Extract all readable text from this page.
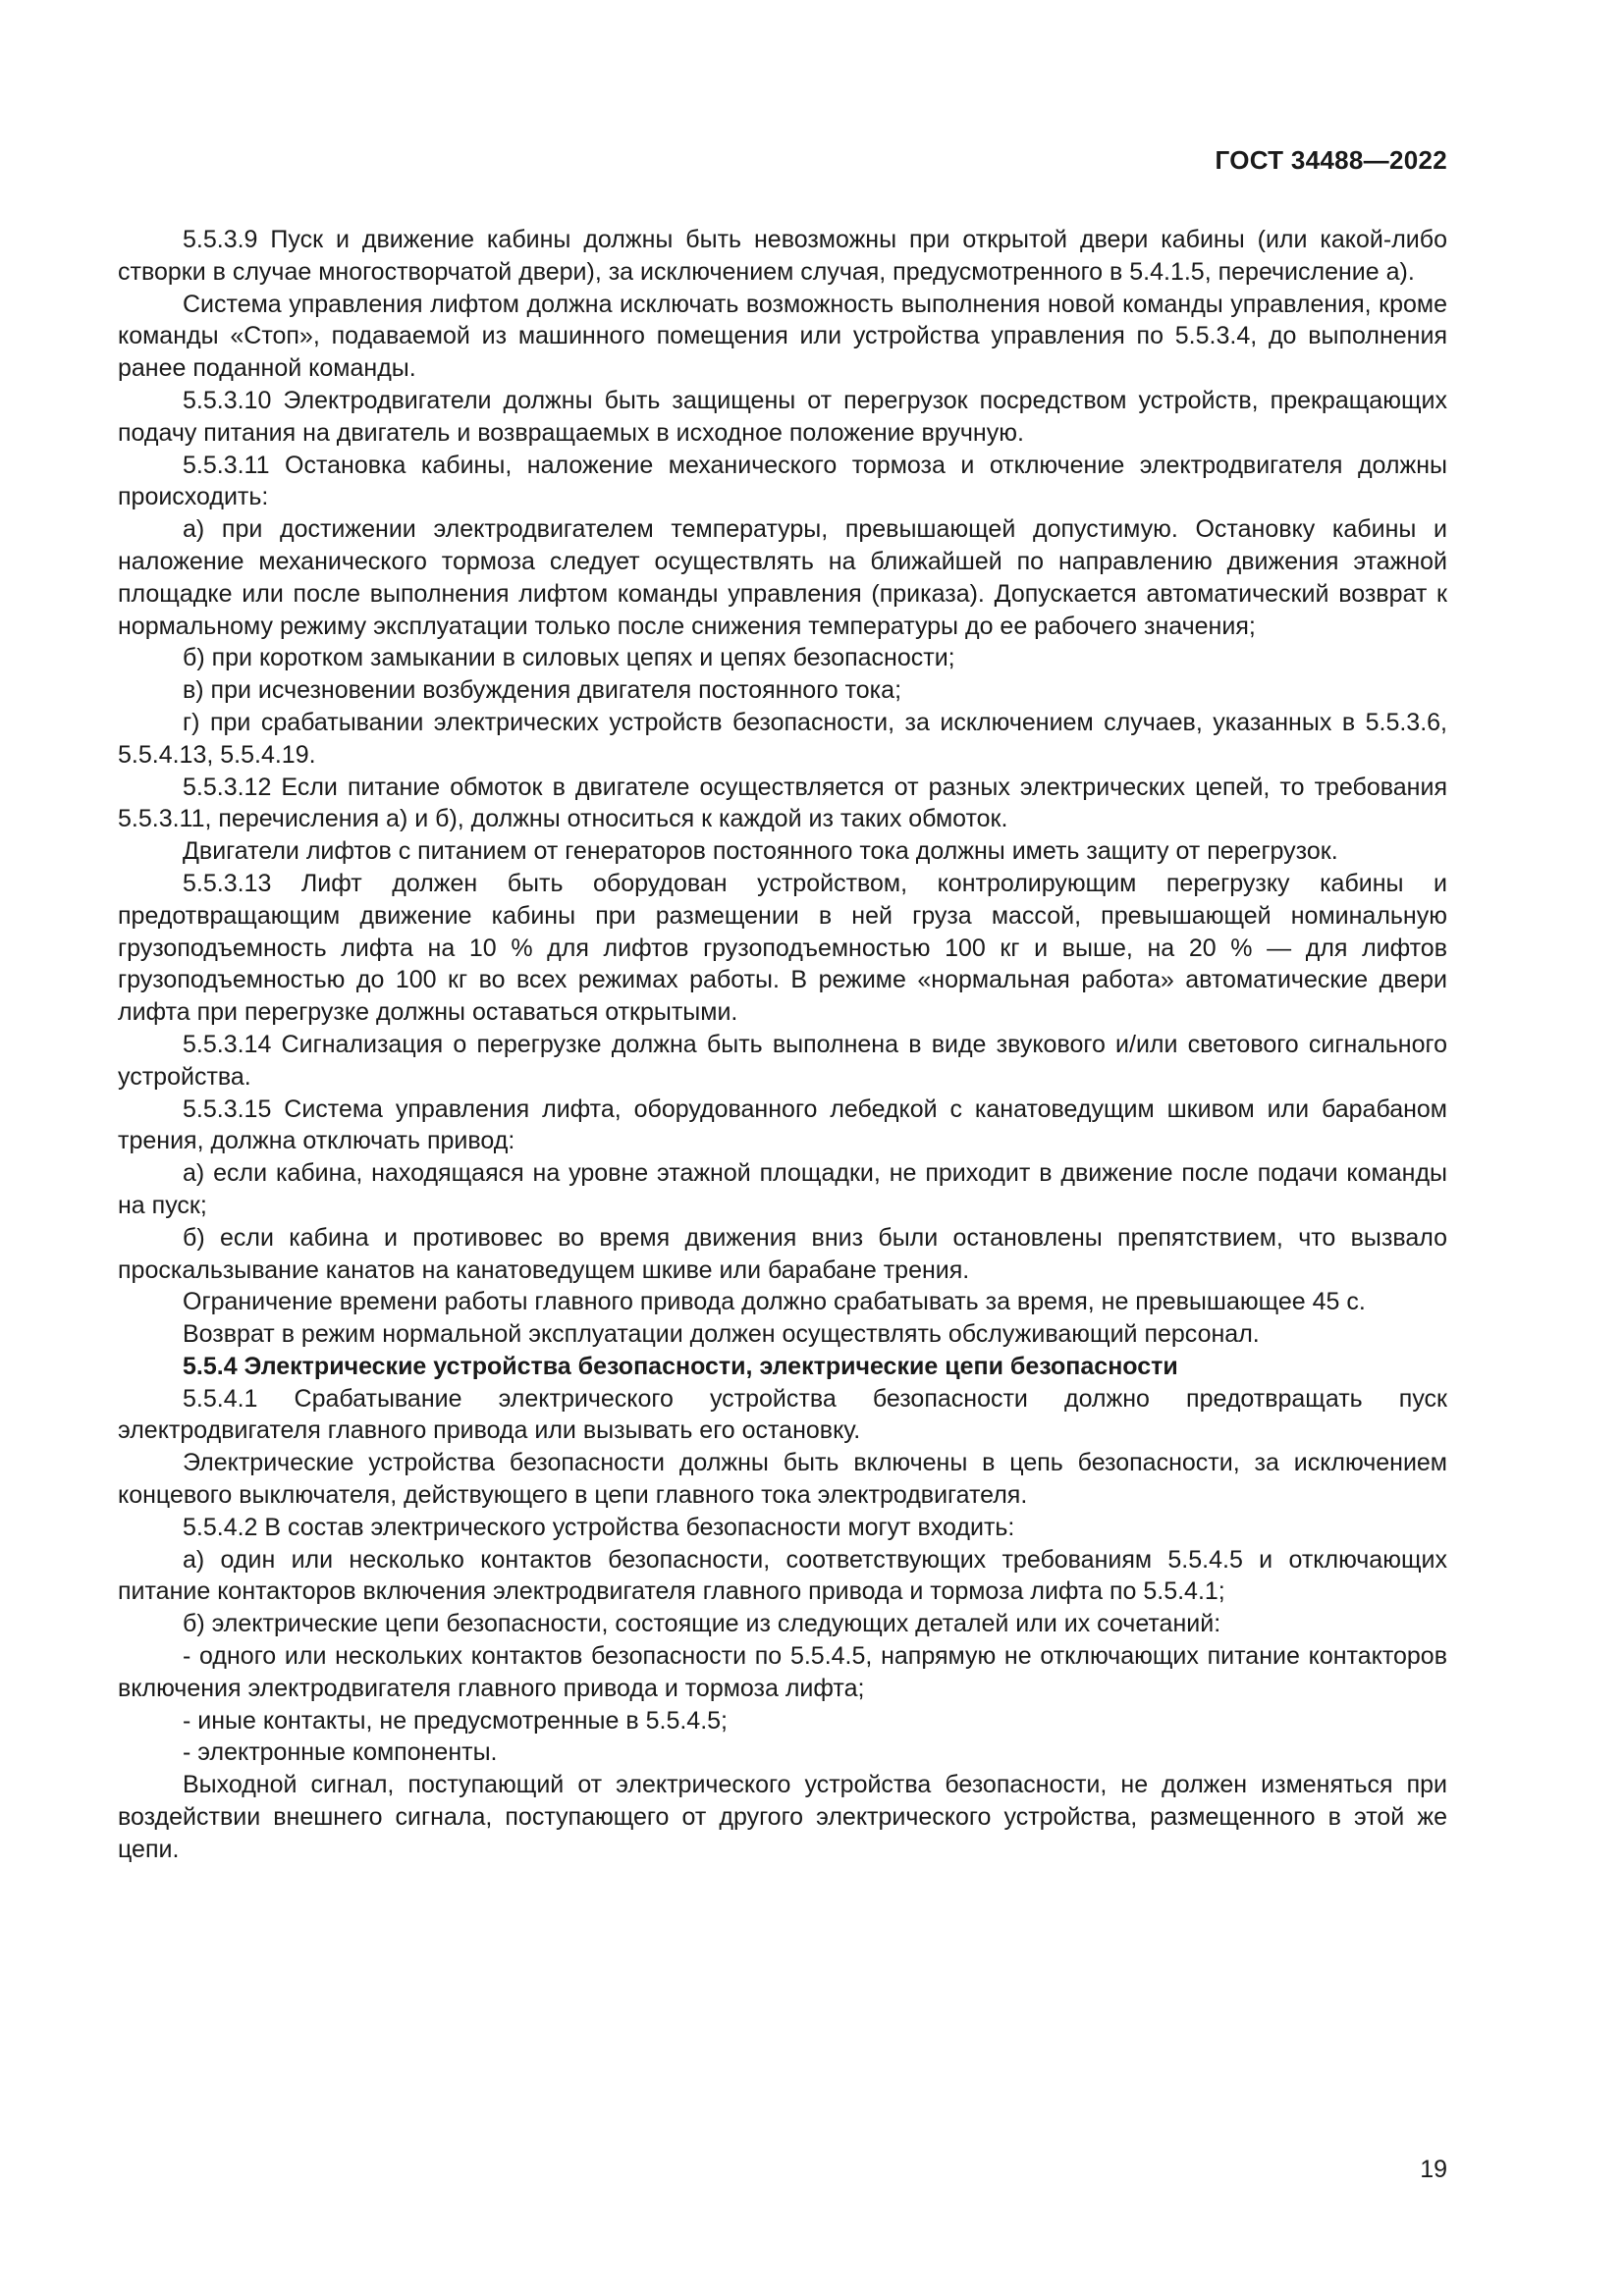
ГОСТ 34488—2022

5.5.3.9 Пуск и движение кабины должны быть невозможны при открытой двери кабины (или какой-либо створки в случае многостворчатой двери), за исключением случая, предусмотренного в 5.4.1.5, перечисление а).

Система управления лифтом должна исключать возможность выполнения новой команды управления, кроме команды «Стоп», подаваемой из машинного помещения или устройства управления по 5.5.3.4, до выполнения ранее поданной команды.

5.5.3.10 Электродвигатели должны быть защищены от перегрузок посредством устройств, прекращающих подачу питания на двигатель и возвращаемых в исходное положение вручную.

5.5.3.11 Остановка кабины, наложение механического тормоза и отключение электродвигателя должны происходить:

а) при достижении электродвигателем температуры, превышающей допустимую. Остановку кабины и наложение механического тормоза следует осуществлять на ближайшей по направлению движения этажной площадке или после выполнения лифтом команды управления (приказа). Допускается автоматический возврат к нормальному режиму эксплуатации только после снижения температуры до ее рабочего значения;

б) при коротком замыкании в силовых цепях и цепях безопасности;

в) при исчезновении возбуждения двигателя постоянного тока;

г) при срабатывании электрических устройств безопасности, за исключением случаев, указанных в 5.5.3.6, 5.5.4.13, 5.5.4.19.

5.5.3.12 Если питание обмоток в двигателе осуществляется от разных электрических цепей, то требования 5.5.3.11, перечисления а) и б), должны относиться к каждой из таких обмоток.

Двигатели лифтов с питанием от генераторов постоянного тока должны иметь защиту от перегрузок.

5.5.3.13 Лифт должен быть оборудован устройством, контролирующим перегрузку кабины и предотвращающим движение кабины при размещении в ней груза массой, превышающей номинальную грузоподъемность лифта на 10 % для лифтов грузоподъемностью 100 кг и выше, на 20 % — для лифтов грузоподъемностью до 100 кг во всех режимах работы. В режиме «нормальная работа» автоматические двери лифта при перегрузке должны оставаться открытыми.

5.5.3.14 Сигнализация о перегрузке должна быть выполнена в виде звукового и/или светового сигнального устройства.

5.5.3.15 Система управления лифта, оборудованного лебедкой с канатоведущим шкивом или барабаном трения, должна отключать привод:

а) если кабина, находящаяся на уровне этажной площадки, не приходит в движение после подачи команды на пуск;

б) если кабина и противовес во время движения вниз были остановлены препятствием, что вызвало проскальзывание канатов на канатоведущем шкиве или барабане трения.

Ограничение времени работы главного привода должно срабатывать за время, не превышающее 45 с.

Возврат в режим нормальной эксплуатации должен осуществлять обслуживающий персонал.

5.5.4 Электрические устройства безопасности, электрические цепи безопасности

5.5.4.1 Срабатывание электрического устройства безопасности должно предотвращать пуск электродвигателя главного привода или вызывать его остановку.

Электрические устройства безопасности должны быть включены в цепь безопасности, за исключением концевого выключателя, действующего в цепи главного тока электродвигателя.

5.5.4.2 В состав электрического устройства безопасности могут входить:

а) один или несколько контактов безопасности, соответствующих требованиям 5.5.4.5 и отключающих питание контакторов включения электродвигателя главного привода и тормоза лифта по 5.5.4.1;

б) электрические цепи безопасности, состоящие из следующих деталей или их сочетаний:

- одного или нескольких контактов безопасности по 5.5.4.5, напрямую не отключающих питание контакторов включения электродвигателя главного привода и тормоза лифта;

- иные контакты, не предусмотренные в 5.5.4.5;

- электронные компоненты.

Выходной сигнал, поступающий от электрического устройства безопасности, не должен изменяться при воздействии внешнего сигнала, поступающего от другого электрического устройства, размещенного в этой же цепи.

19
